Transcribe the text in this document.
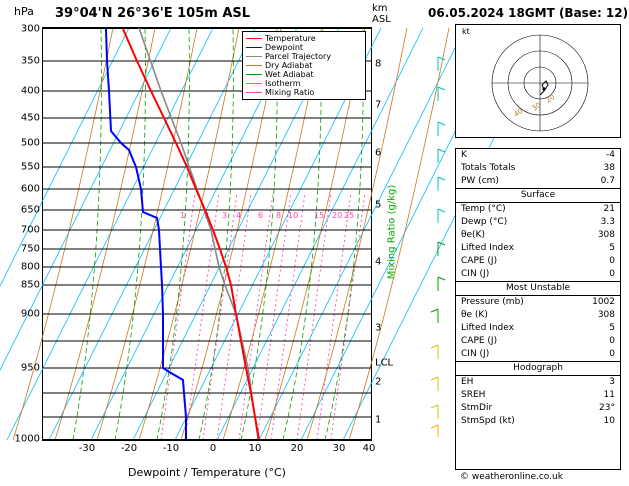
hPa 39°04'N 26°36'E 105m ASL	km
ASL
1 2 3 4 6 8 10 15 20 25
300
350
400
450
500
550
600
650
700
750
800
850
900
950
1000
8
7
6
5
4
3
LCL
2
1
-30	-20	-10	0	10	20	30 40
Dewpoint / Temperature (°C)
Mixing Ratio (g/kg)
Temperature
Dewpoint
Parcel Trajectory
Dry Adiabat
Wet Adiabat
Isotherm
Mixing Ratio
06.05.2024 18GMT (Base: 12)
kt
40
30
20
K	-4
Totals Totals	38
PW (cm)	0.7
Surface
Temp (°C)	21
Dewp (°C)	3.3
θe(K)	308
Lifted Index	5
CAPE (J)	0
CIN (J)	0
Most Unstable
Pressure (mb)	1002
θe (K)	308
Lifted Index	5
CAPE (J)	0
CIN (J)	0
Hodograph
EH	3
SREH	11
StmDir	23°
StmSpd (kt)	10
© weatheronline.co.uk
